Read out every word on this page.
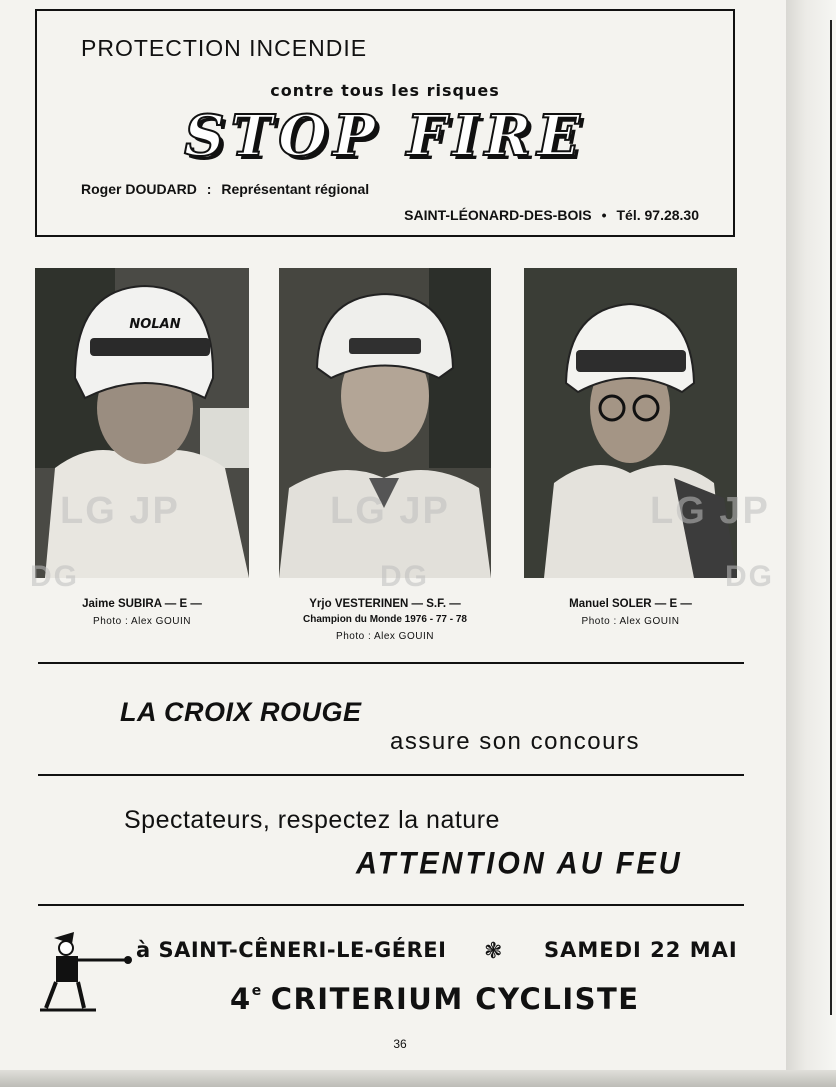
PROTECTION INCENDIE
contre tous les risques
STOP FIRE
Roger DOUDARD : Représentant régional
SAINT-LÉONARD-DES-BOIS • Tél. 97.28.30
NOLAN
LG JP	LG JP	LG JP
DG	DG	DG
Jaime SUBIRA — E —
Photo : Alex GOUIN
Yrjo VESTERINEN — S.F. —
Champion du Monde 1976 - 77 - 78
Photo : Alex GOUIN
Manuel SOLER — E —
Photo : Alex GOUIN
LA CROIX ROUGE
assure son concours
Spectateurs, respectez la nature
ATTENTION AU FEU
à SAINT-CÊNERI-LE-GÉREI ❃ SAMEDI 22 MAI
4e CRITERIUM CYCLISTE
36
